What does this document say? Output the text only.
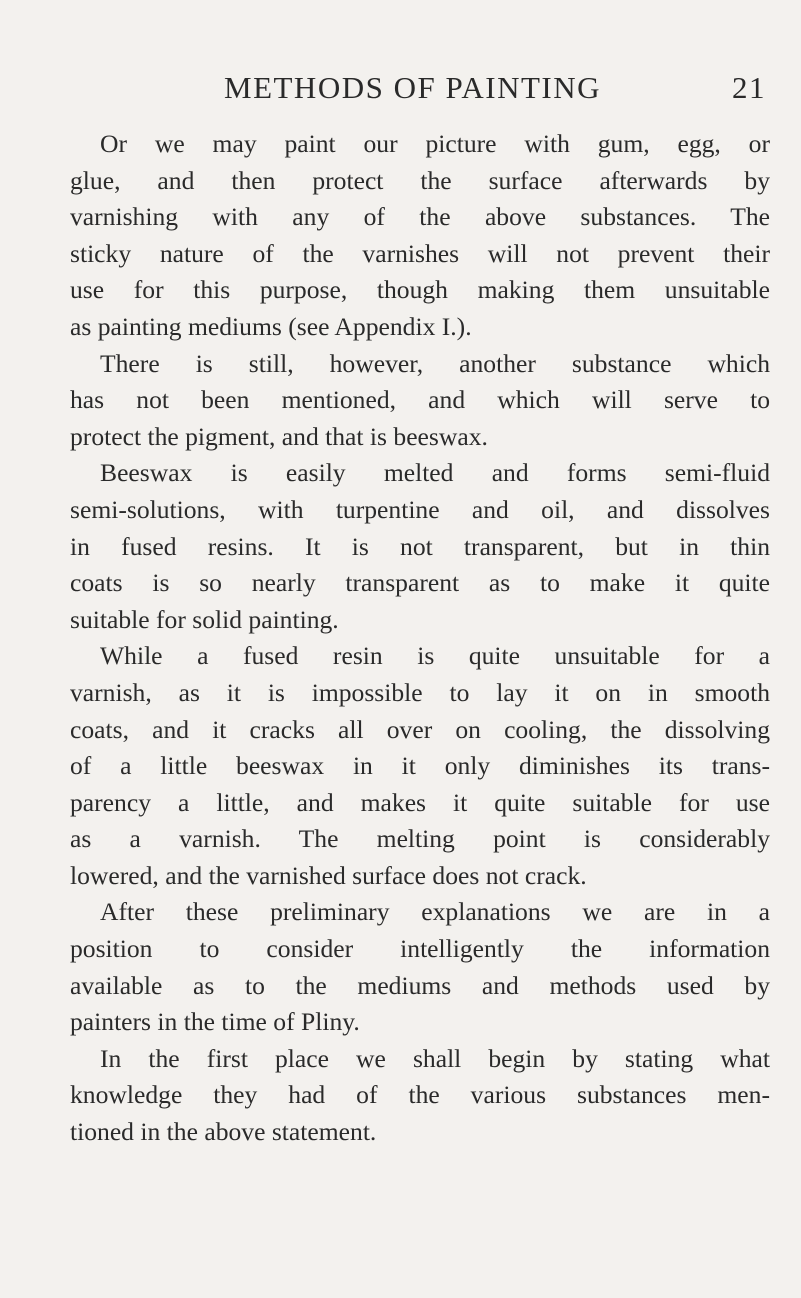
METHODS OF PAINTING	21
Or we may paint our picture with gum, egg, or
glue, and then protect the surface afterwards by
varnishing with any of the above substances. The
sticky nature of the varnishes will not prevent their
use for this purpose, though making them unsuitable
as painting mediums (see Appendix I.).
There is still, however, another substance which
has not been mentioned, and which will serve to
protect the pigment, and that is beeswax.
Beeswax is easily melted and forms semi-fluid
semi-solutions, with turpentine and oil, and dissolves
in fused resins. It is not transparent, but in thin
coats is so nearly transparent as to make it quite
suitable for solid painting.
While a fused resin is quite unsuitable for a
varnish, as it is impossible to lay it on in smooth
coats, and it cracks all over on cooling, the dissolving
of a little beeswax in it only diminishes its trans-
parency a little, and makes it quite suitable for use
as a varnish. The melting point is considerably
lowered, and the varnished surface does not crack.
After these preliminary explanations we are in a
position to consider intelligently the information
available as to the mediums and methods used by
painters in the time of Pliny.
In the first place we shall begin by stating what
knowledge they had of the various substances men-
tioned in the above statement.
